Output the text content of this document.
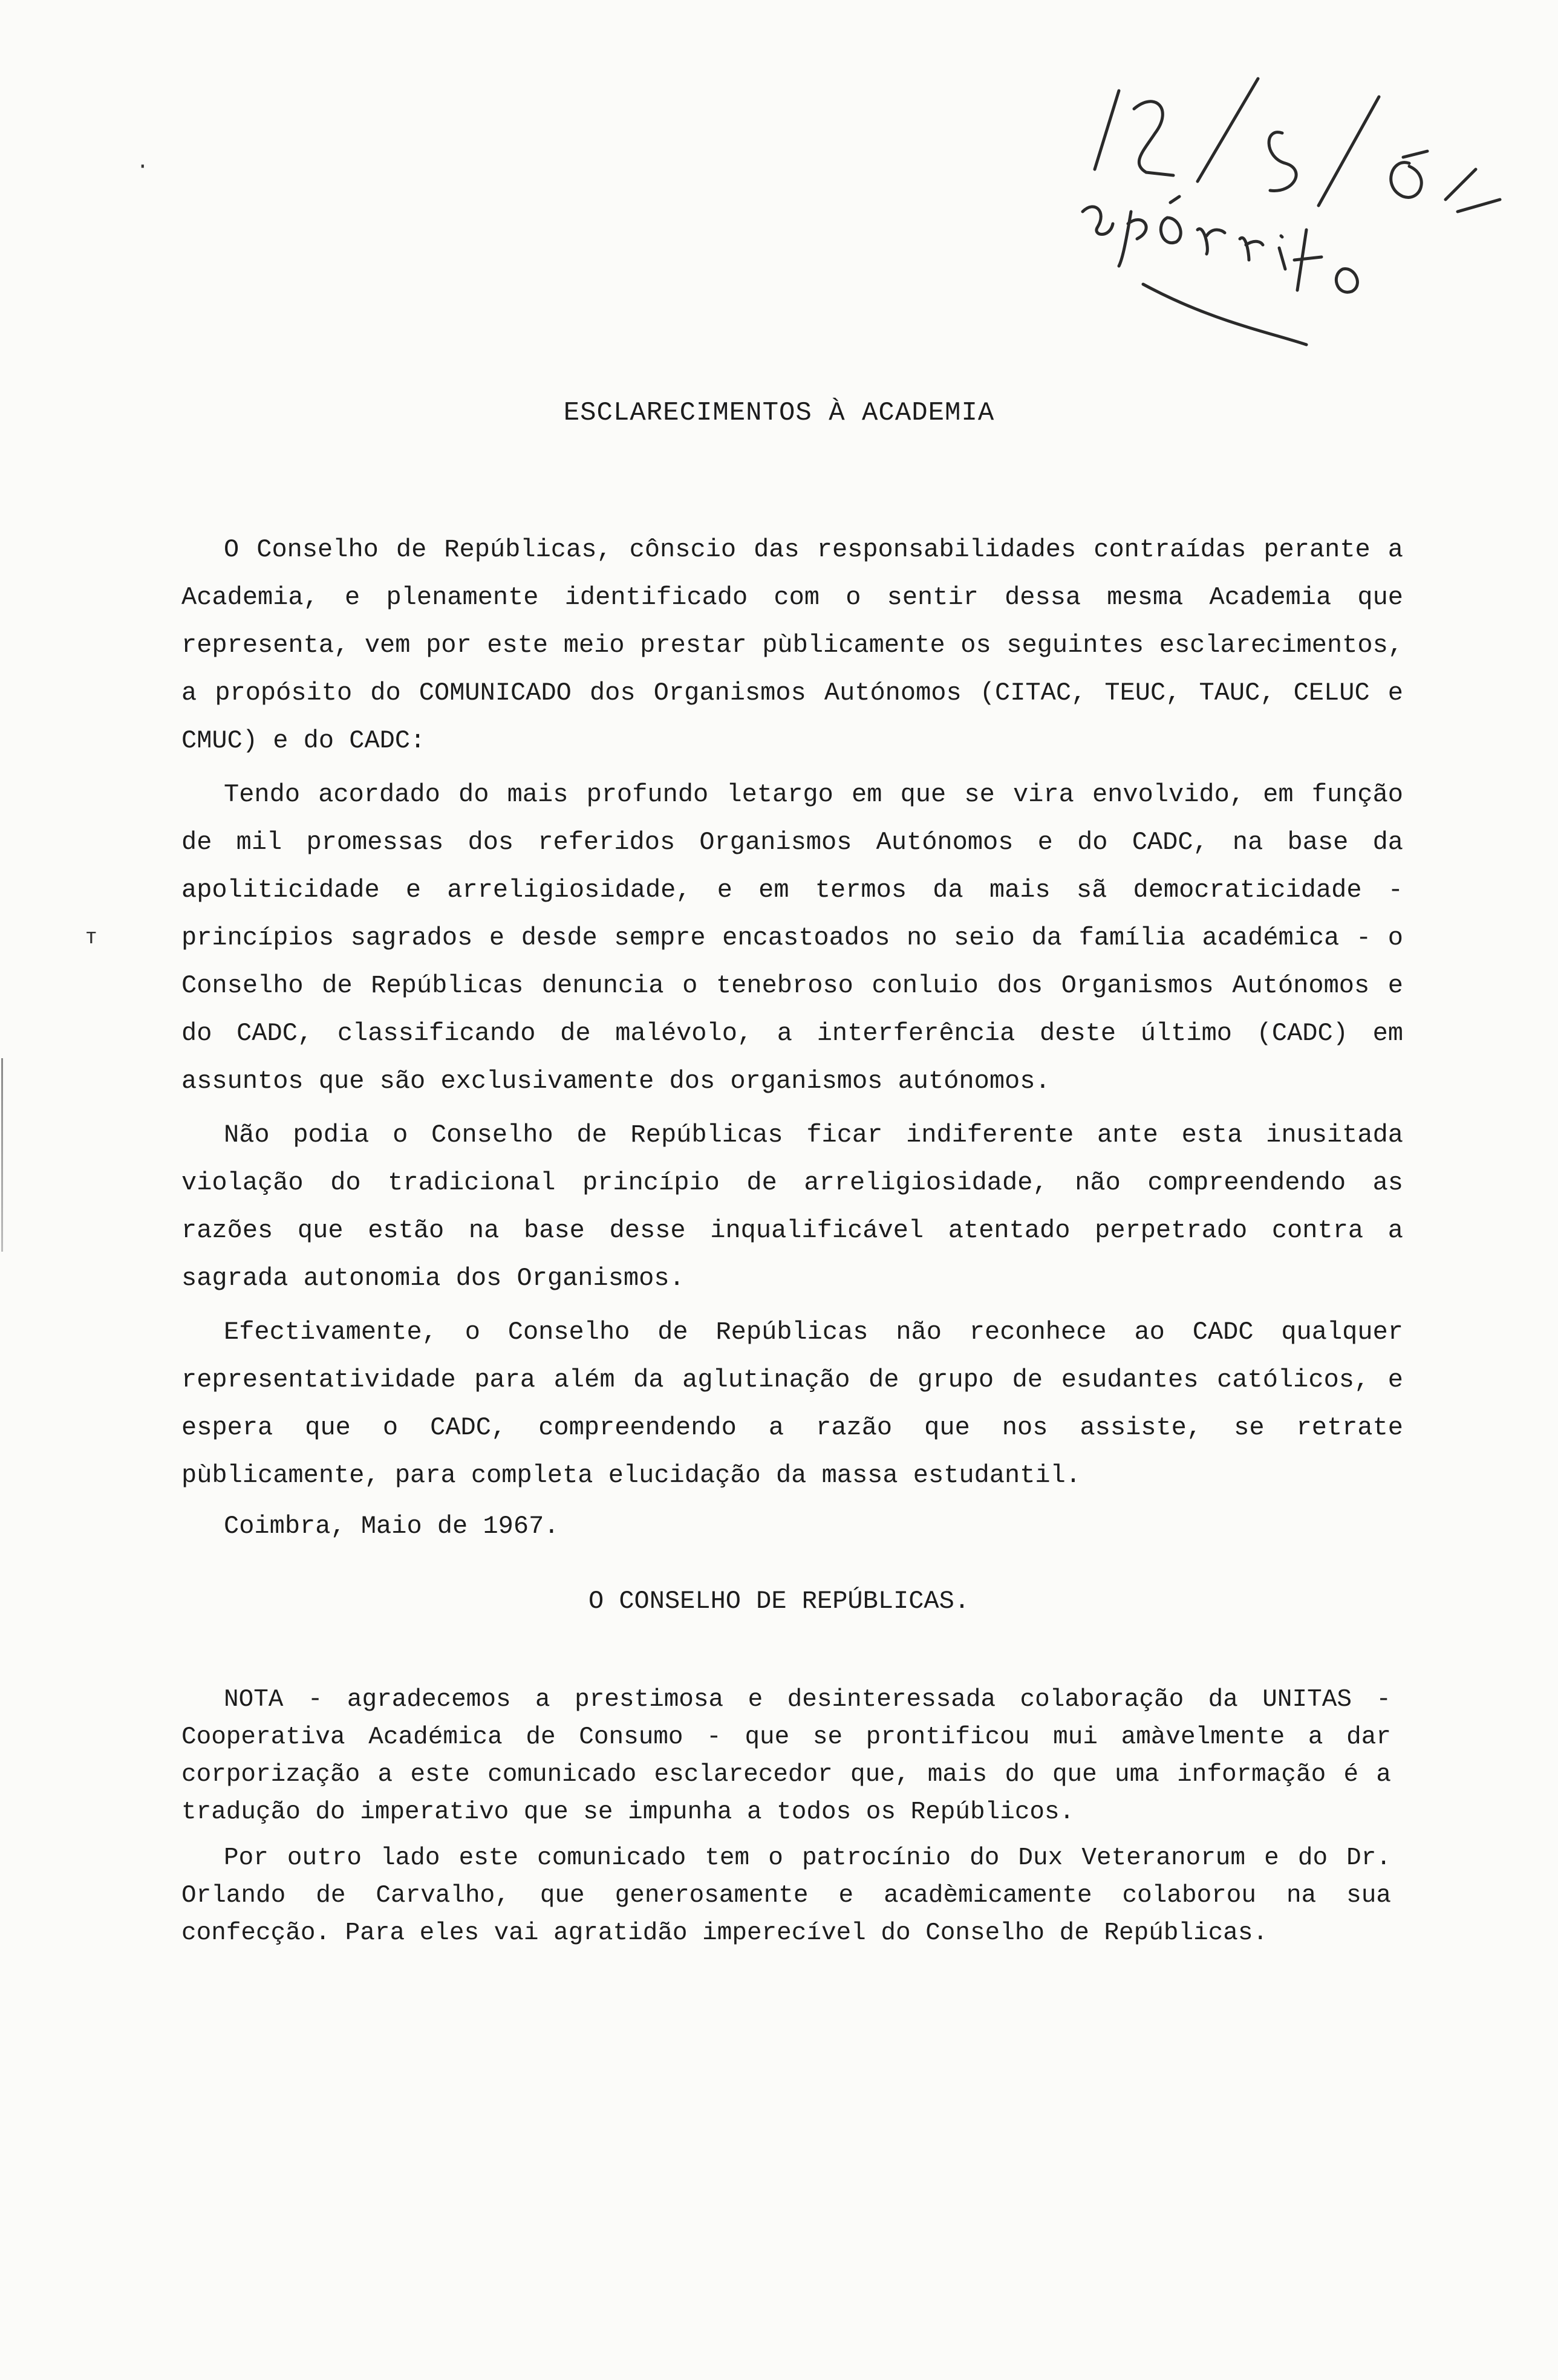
·
ᴛ
ESCLARECIMENTOS À ACADEMIA

O Conselho de Repúblicas, cônscio das responsabilidades contraídas perante a Academia, e plenamente identificado com o sentir dessa mesma Academia que representa, vem por este meio prestar pùblicamente os seguintes esclarecimentos, a propósito do COMUNICADO dos Organismos Autónomos (CITAC, TEUC, TAUC, CELUC e CMUC) e do CADC:

Tendo acordado do mais profundo letargo em que se vira envolvido, em função de mil promessas dos referidos Organismos Autónomos e do CADC, na base da apoliticidade e arreligiosidade, e em termos da mais sã democraticidade - princípios sagrados e desde sempre encastoados no seio da família académica - o Conselho de Repúblicas denuncia o tenebroso conluio dos Organismos Autónomos e do CADC, classificando de malévolo, a interferência deste último (CADC) em assuntos que são exclusivamente dos organismos autónomos.

Não podia o Conselho de Repúblicas ficar indiferente ante esta inusitada violação do tradicional princípio de arreligiosidade, não compreendendo as razões que estão na base desse inqualificável atentado perpetrado contra a sagrada autonomia dos Organismos.

Efectivamente, o Conselho de Repúblicas não reconhece ao CADC qualquer representatividade para além da aglutinação de grupo de esudantes católicos, e espera que o CADC, compreendendo a razão que nos assiste, se retrate pùblicamente, para completa elucidação da massa estudantil.

Coimbra, Maio de 1967.
O CONSELHO DE REPÚBLICAS.

NOTA - agradecemos a prestimosa e desinteressada colaboração da UNITAS - Cooperativa Académica de Consumo - que se prontificou mui amàvelmente a dar corporização a este comunicado esclarecedor que, mais do que uma informação é a tradução do imperativo que se impunha a todos os Repúblicos.

Por outro lado este comunicado tem o patrocínio do Dux Veteranorum e do Dr. Orlando de Carvalho, que generosamente e acadèmicamente colaborou na sua confecção. Para eles vai agratidão imperecível do Conselho de Repúblicas.
